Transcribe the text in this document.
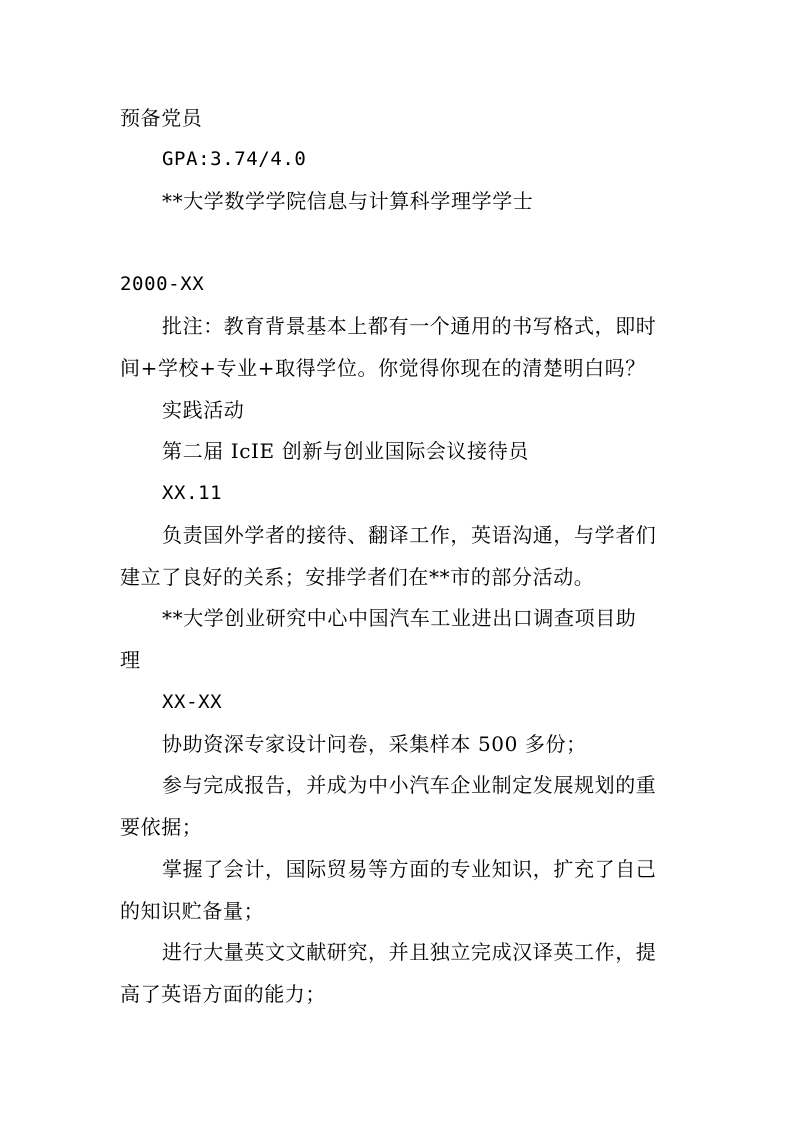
预备党员
GPA:3.74/4.0
**大学数学学院信息与计算科学理学学士
2000-XX
批注：教育背景基本上都有一个通用的书写格式，即时
间+学校+专业+取得学位。你觉得你现在的清楚明白吗？
实践活动
第二届 IcIE 创新与创业国际会议接待员
XX.11
负责国外学者的接待、翻译工作，英语沟通，与学者们
建立了良好的关系；安排学者们在**市的部分活动。
**大学创业研究中心中国汽车工业进出口调查项目助
理
XX-XX
协助资深专家设计问卷，采集样本 500 多份；
参与完成报告，并成为中小汽车企业制定发展规划的重
要依据；
掌握了会计，国际贸易等方面的专业知识，扩充了自己
的知识贮备量；
进行大量英文文献研究，并且独立完成汉译英工作，提
高了英语方面的能力；
